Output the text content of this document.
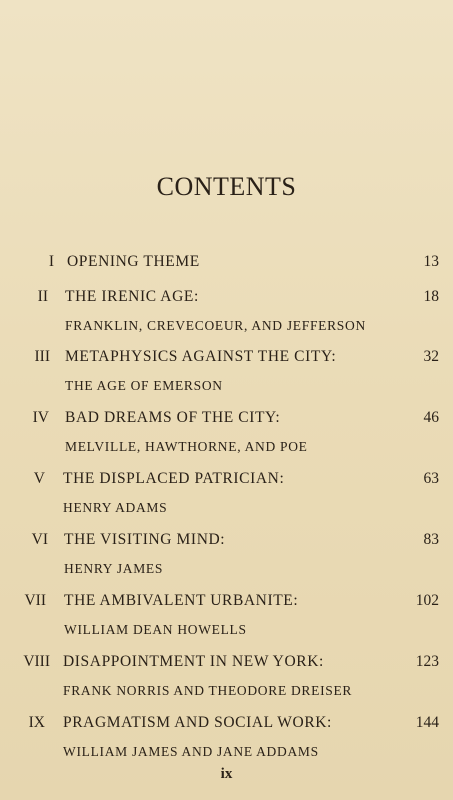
CONTENTS
I OPENING THEME	13
II THE IRENIC AGE:
FRANKLIN, CREVECOEUR, AND JEFFERSON
18
III METAPHYSICS AGAINST THE CITY:
THE AGE OF EMERSON
32
IV BAD DREAMS OF THE CITY:
MELVILLE, HAWTHORNE, AND POE
46
V THE DISPLACED PATRICIAN:
HENRY ADAMS
63
VI THE VISITING MIND:
HENRY JAMES
83
VII THE AMBIVALENT URBANITE:
WILLIAM DEAN HOWELLS
102
VIII DISAPPOINTMENT IN NEW YORK:
FRANK NORRIS AND THEODORE DREISER
123
IX PRAGMATISM AND SOCIAL WORK:
WILLIAM JAMES AND JANE ADDAMS
144
ix
